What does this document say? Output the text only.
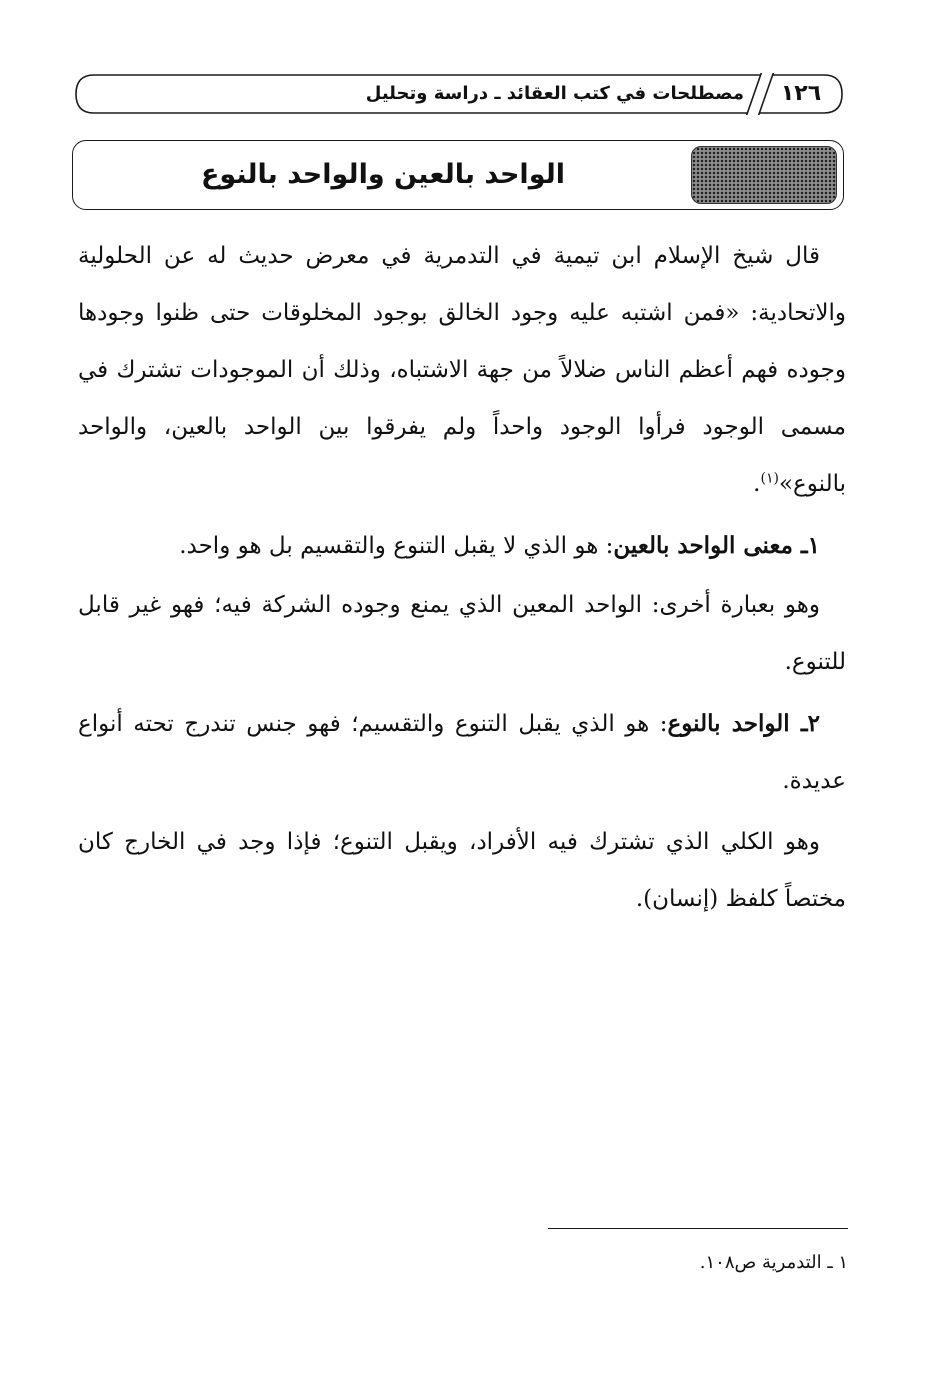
١٢٦
مصطلحات في كتب العقائد ـ دراسة وتحليل
الواحد بالعين والواحد بالنوع

قال شيخ الإسلام ابن تيمية في التدمرية في معرض حديث له عن الحلولية والاتحادية: «فمن اشتبه عليه وجود الخالق بوجود المخلوقات حتى ظنوا وجودها وجوده فهم أعظم الناس ضلالاً من جهة الاشتباه، وذلك أن الموجودات تشترك في مسمى الوجود فرأوا الوجود واحداً ولم يفرقوا بين الواحد بالعين، والواحد بالنوع»$^{(١)}$.

١ـ معنى الواحد بالعين: هو الذي لا يقبل التنوع والتقسيم بل هو واحد.

وهو بعبارة أخرى: الواحد المعين الذي يمنع وجوده الشركة فيه؛ فهو غير قابل للتنوع.

٢ـ الواحد بالنوع: هو الذي يقبل التنوع والتقسيم؛ فهو جنس تندرج تحته أنواع عديدة.

وهو الكلي الذي تشترك فيه الأفراد، ويقبل التنوع؛ فإذا وجد في الخارج كان مختصاً كلفظ (إنسان).

١ ـ التدمرية ص١٠٨.
